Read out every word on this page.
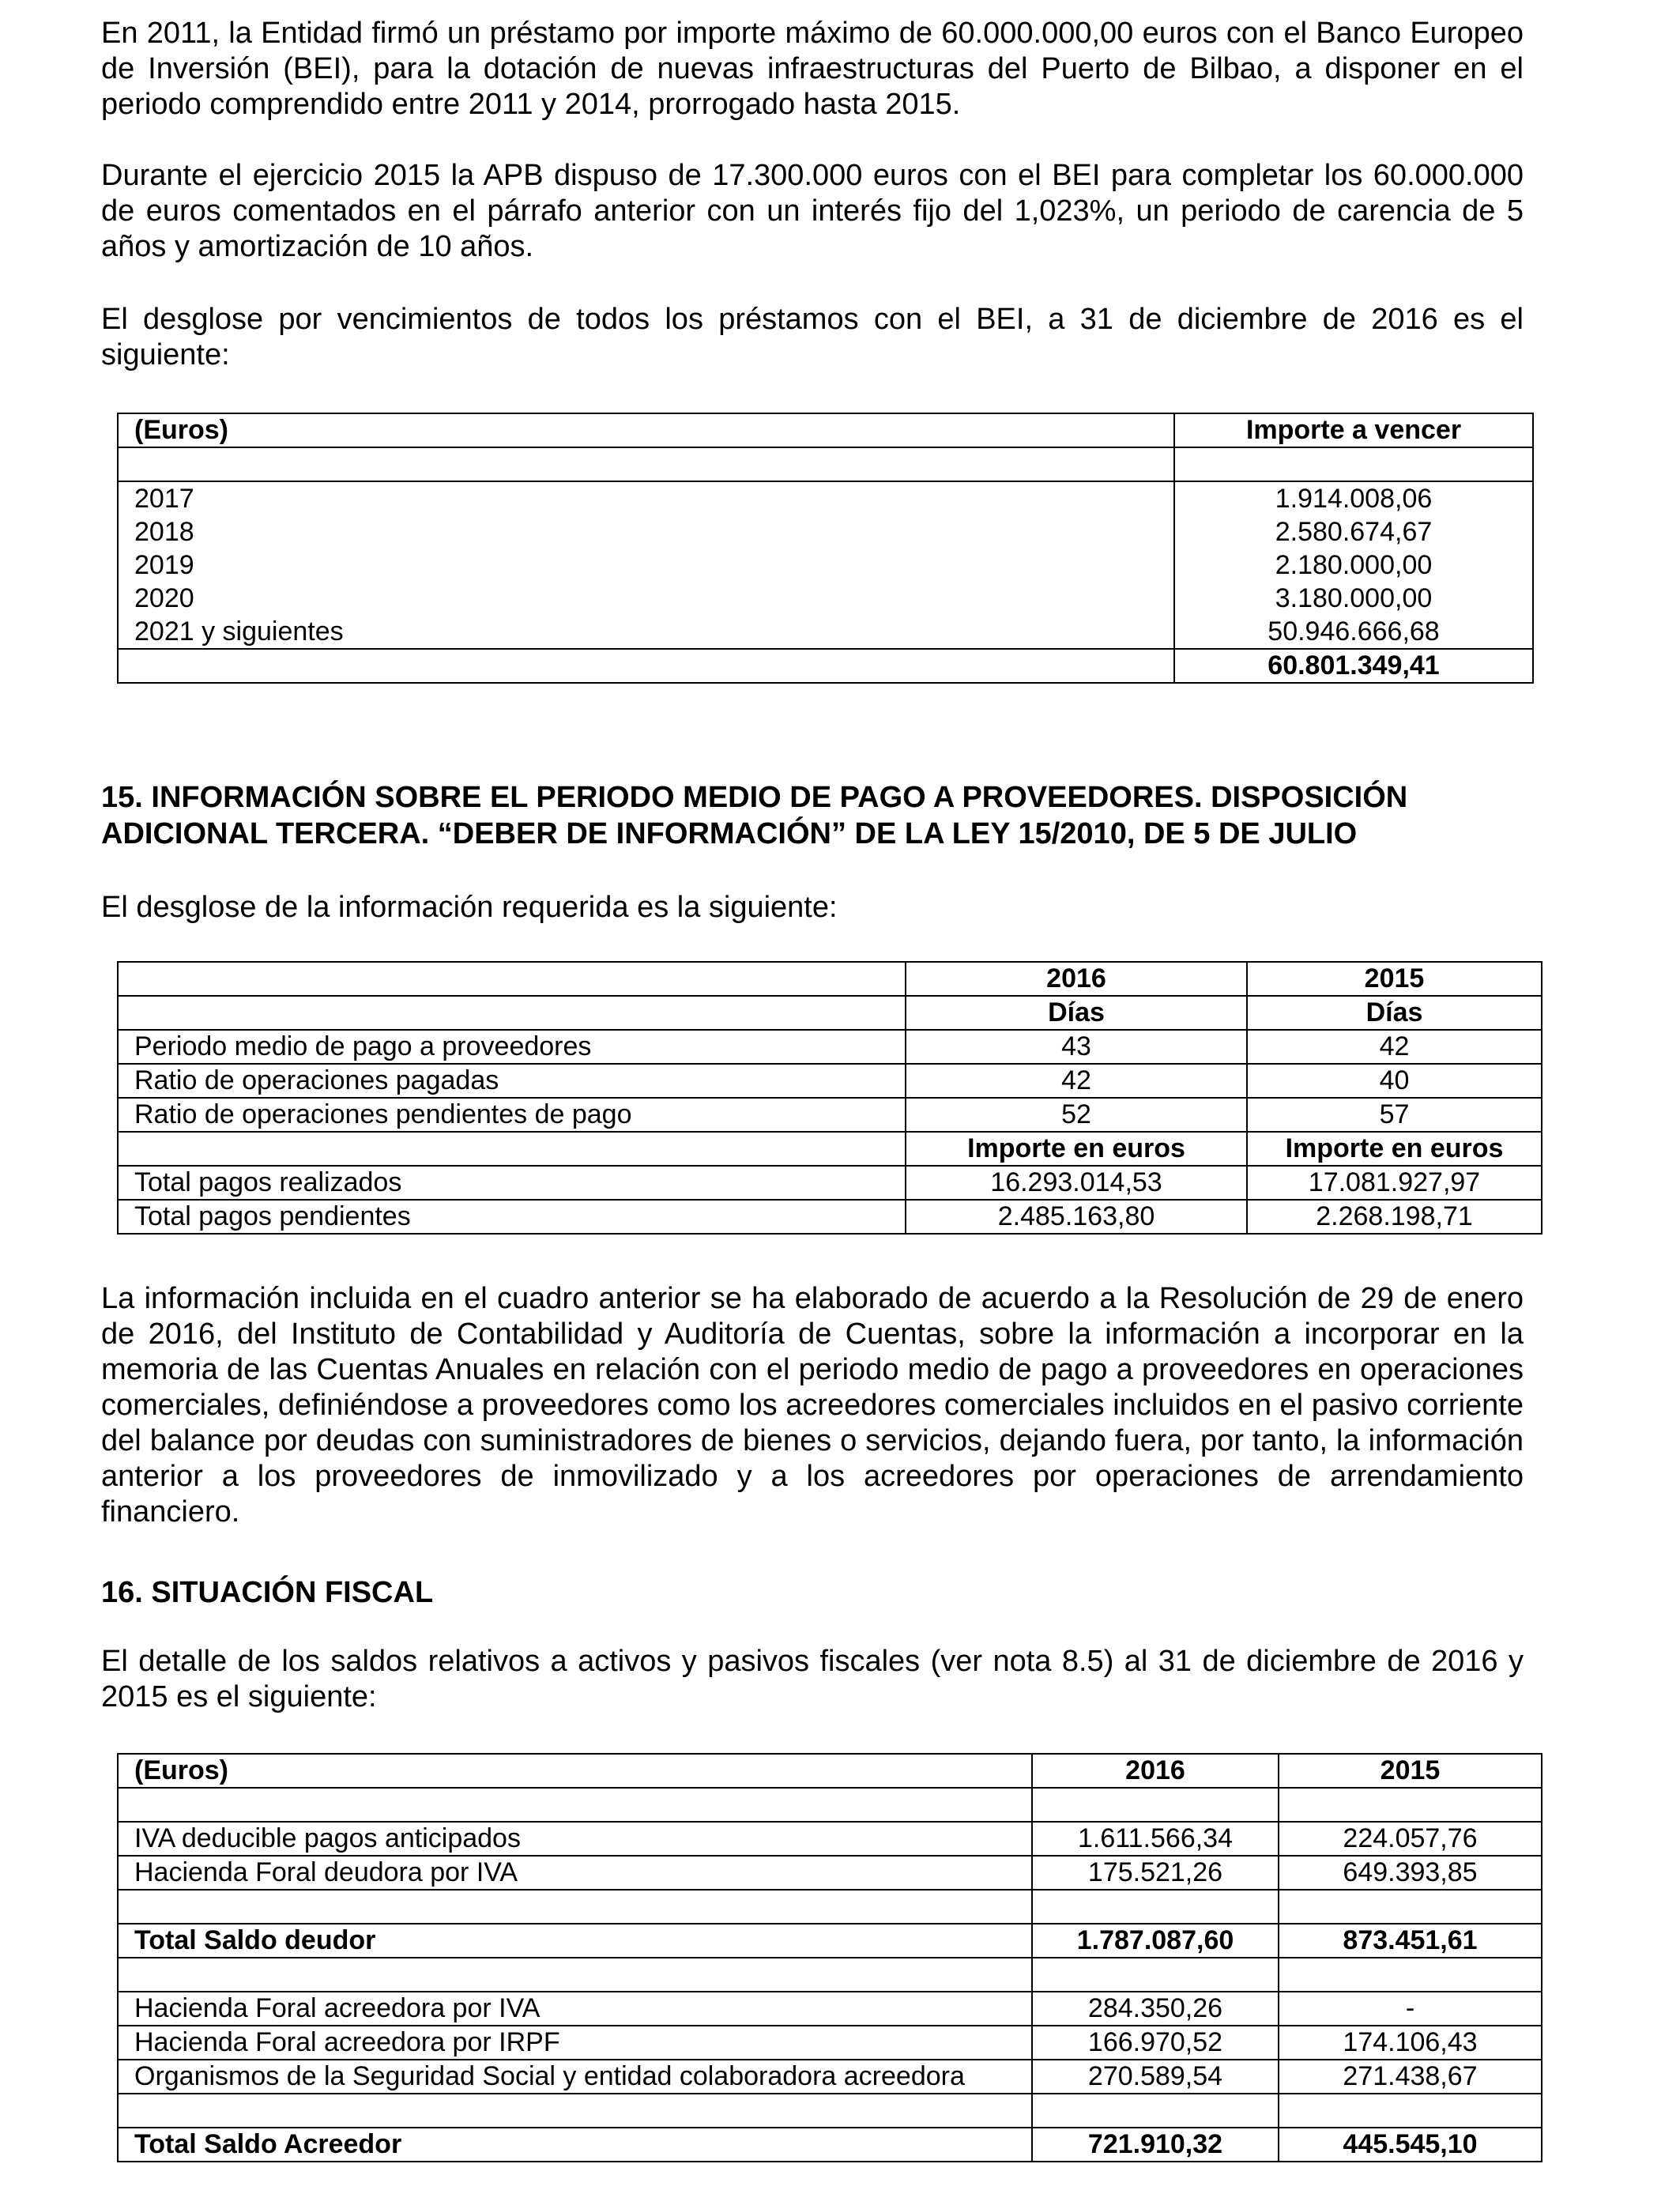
En 2011, la Entidad firmó un préstamo por importe máximo de 60.000.000,00 euros con el Banco Europeo de Inversión (BEI), para la dotación de nuevas infraestructuras del Puerto de Bilbao, a disponer en el periodo comprendido entre 2011 y 2014, prorrogado hasta 2015.

Durante el ejercicio 2015 la APB dispuso de 17.300.000 euros con el BEI para completar los 60.000.000 de euros comentados en el párrafo anterior con un interés fijo del 1,023%, un periodo de carencia de 5 años y amortización de 10 años.

El desglose por vencimientos de todos los préstamos con el BEI, a 31 de diciembre de 2016 es el siguiente:

(Euros)	Importe a vencer

2017	1.914.008,06
2018	2.580.674,67
2019	2.180.000,00
2020	3.180.000,00
2021 y siguientes	50.946.666,68
	60.801.349,41
15. INFORMACIÓN SOBRE EL PERIODO MEDIO DE PAGO A PROVEEDORES. DISPOSICIÓN ADICIONAL TERCERA. “DEBER DE INFORMACIÓN” DE LA LEY 15/2010, DE 5 DE JULIO

El desglose de la información requerida es la siguiente:

	2016	2015
	Días	Días
Periodo medio de pago a proveedores	43	42
Ratio de operaciones pagadas	42	40
Ratio de operaciones pendientes de pago	52	57
	Importe en euros	Importe en euros
Total pagos realizados	16.293.014,53	17.081.927,97
Total pagos pendientes	2.485.163,80	2.268.198,71

La información incluida en el cuadro anterior se ha elaborado de acuerdo a la Resolución de 29 de enero de 2016, del Instituto de Contabilidad y Auditoría de Cuentas, sobre la información a incorporar en la memoria de las Cuentas Anuales en relación con el periodo medio de pago a proveedores en operaciones comerciales, definiéndose a proveedores como los acreedores comerciales incluidos en el pasivo corriente del balance por deudas con suministradores de bienes o servicios, dejando fuera, por tanto, la información anterior a los proveedores de inmovilizado y a los acreedores por operaciones de arrendamiento financiero.

16. SITUACIÓN FISCAL

El detalle de los saldos relativos a activos y pasivos fiscales (ver nota 8.5) al 31 de diciembre de 2016 y 2015 es el siguiente:

(Euros)	2016	2015

IVA deducible pagos anticipados	1.611.566,34	224.057,76
Hacienda Foral deudora por IVA	175.521,26	649.393,85

Total Saldo deudor	1.787.087,60	873.451,61

Hacienda Foral acreedora por IVA	284.350,26	-
Hacienda Foral acreedora por IRPF	166.970,52	174.106,43
Organismos de la Seguridad Social y entidad colaboradora acreedora	270.589,54	271.438,67

Total Saldo Acreedor	721.910,32	445.545,10
